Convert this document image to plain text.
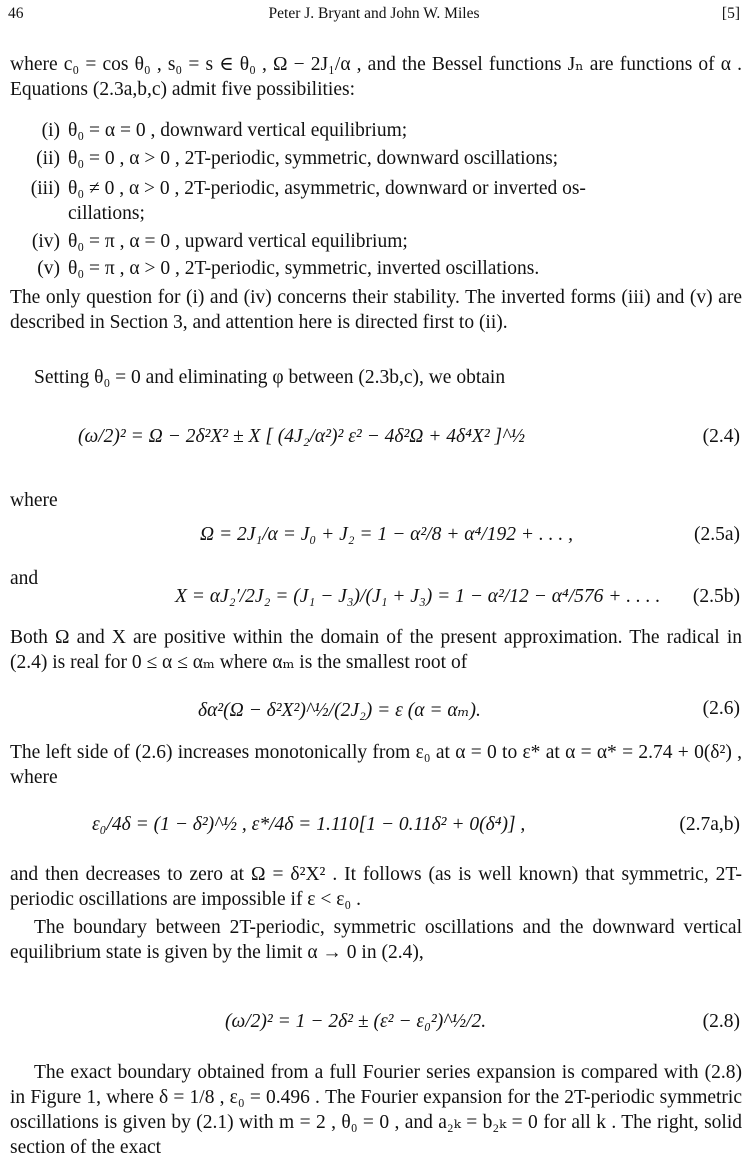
46	Peter J. Bryant and John W. Miles	[5]
where c₀ = cos θ₀ , s₀ = s ∈ θ₀ , Ω − 2J₁/α , and the Bessel functions Jₙ are functions of α . Equations (2.3a,b,c) admit five possibilities:
(i) θ₀ = α = 0 , downward vertical equilibrium;
(ii) θ₀ = 0 , α > 0 , 2T-periodic, symmetric, downward oscillations;
(iii) θ₀ ≠ 0 , α > 0 , 2T-periodic, asymmetric, downward or inverted os-
cillations;
(iv) θ₀ = π , α = 0 , upward vertical equilibrium;
(v) θ₀ = π , α > 0 , 2T-periodic, symmetric, inverted oscillations.
The only question for (i) and (iv) concerns their stability. The inverted forms (iii) and (v) are described in Section 3, and attention here is directed first to (ii).
Setting θ₀ = 0 and eliminating φ between (2.3b,c), we obtain
(ω/2)² = Ω − 2δ²X² ± X [ (4J₂/α²)² ε² − 4δ²Ω + 4δ⁴X² ]^½	(2.4)
where
Ω = 2J₁/α = J₀ + J₂ = 1 − α²/8 + α⁴/192 + . . . ,	(2.5a)
and
X = αJ₂′/2J₂ = (J₁ − J₃)/(J₁ + J₃) = 1 − α²/12 − α⁴/576 + . . . . (2.5b)
Both Ω and X are positive within the domain of the present approximation. The radical in (2.4) is real for 0 ≤ α ≤ αₘ where αₘ is the smallest root of
δα²(Ω − δ²X²)^½/(2J₂) = ε (α = αₘ).	(2.6)
The left side of (2.6) increases monotonically from ε₀ at α = 0 to ε* at α = α* = 2.74 + 0(δ²) , where
ε₀/4δ = (1 − δ²)^½ , ε*/4δ = 1.110[1 − 0.11δ² + 0(δ⁴)] ,	(2.7a,b)
and then decreases to zero at Ω = δ²X² . It follows (as is well known) that symmetric, 2T-periodic oscillations are impossible if ε < ε₀ .
The boundary between 2T-periodic, symmetric oscillations and the downward vertical equilibrium state is given by the limit α → 0 in (2.4),
(ω/2)² = 1 − 2δ² ± (ε² − ε₀²)^½/2.	(2.8)
The exact boundary obtained from a full Fourier series expansion is compared with (2.8) in Figure 1, where δ = 1/8 , ε₀ = 0.496 . The Fourier expansion for the 2T-periodic symmetric oscillations is given by (2.1) with m = 2 , θ₀ = 0 , and a₂ₖ = b₂ₖ = 0 for all k . The right, solid section of the exact
